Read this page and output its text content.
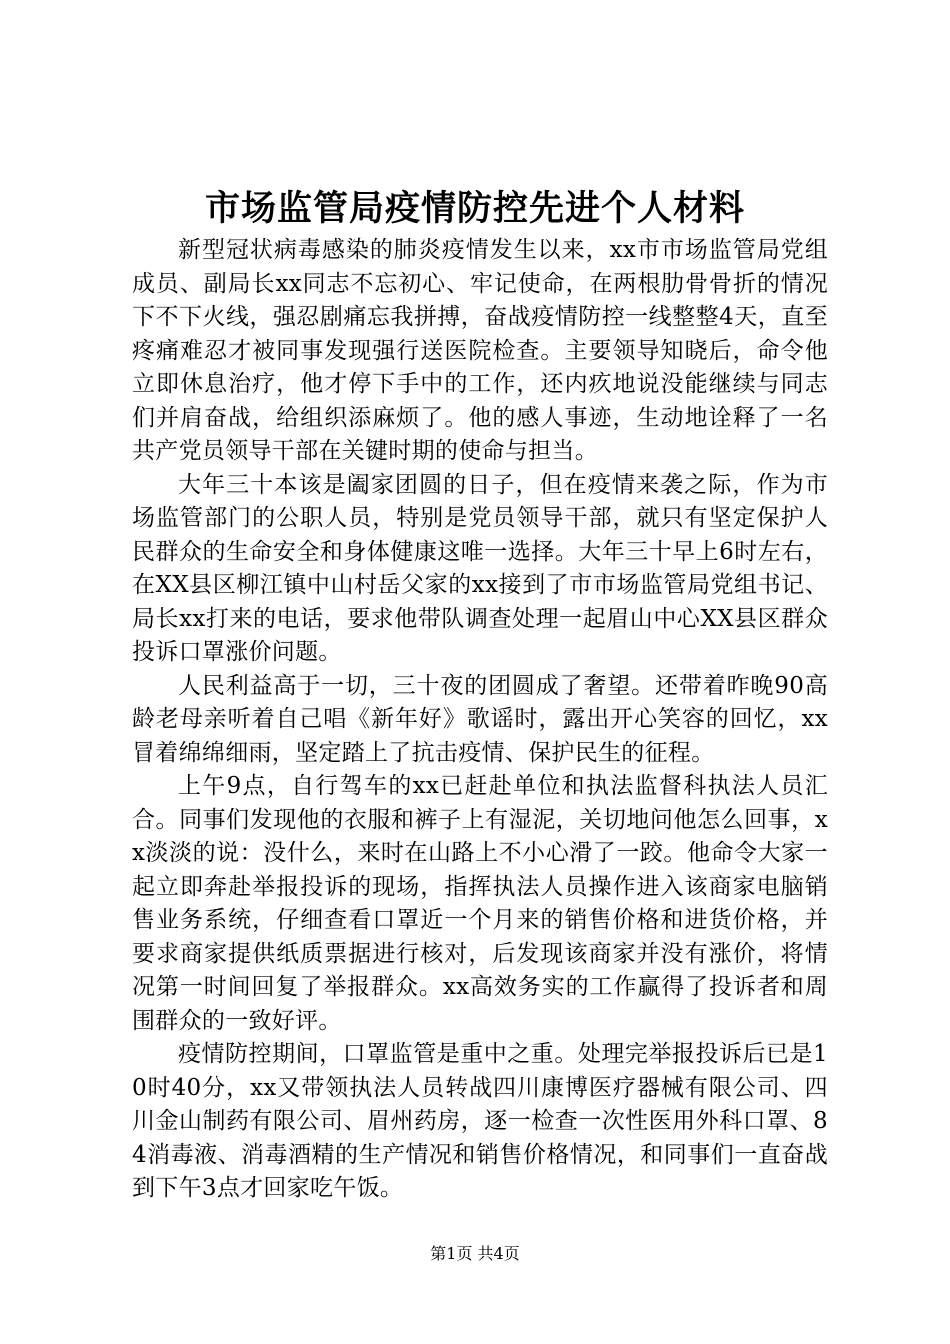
市场监管局疫情防控先进个人材料

新型冠状病毒感染的肺炎疫情发生以来，xx市市场监管局党组成员、副局长xx同志不忘初心、牢记使命，在两根肋骨骨折的情况下不下火线，强忍剧痛忘我拼搏，奋战疫情防控一线整整4天，直至疼痛难忍才被同事发现强行送医院检查。主要领导知晓后，命令他立即休息治疗，他才停下手中的工作，还内疚地说没能继续与同志们并肩奋战，给组织添麻烦了。他的感人事迹，生动地诠释了一名共产党员领导干部在关键时期的使命与担当。

大年三十本该是阖家团圆的日子，但在疫情来袭之际，作为市场监管部门的公职人员，特别是党员领导干部，就只有坚定保护人民群众的生命安全和身体健康这唯一选择。大年三十早上6时左右，在XX县区柳江镇中山村岳父家的xx接到了市市场监管局党组书记、局长xx打来的电话，要求他带队调查处理一起眉山中心XX县区群众投诉口罩涨价问题。

人民利益高于一切，三十夜的团圆成了奢望。还带着昨晚90高龄老母亲听着自己唱《新年好》歌谣时，露出开心笑容的回忆，xx冒着绵绵细雨，坚定踏上了抗击疫情、保护民生的征程。

上午9点，自行驾车的xx已赶赴单位和执法监督科执法人员汇合。同事们发现他的衣服和裤子上有湿泥，关切地问他怎么回事，xx淡淡的说：没什么，来时在山路上不小心滑了一跤。他命令大家一起立即奔赴举报投诉的现场，指挥执法人员操作进入该商家电脑销售业务系统，仔细查看口罩近一个月来的销售价格和进货价格，并要求商家提供纸质票据进行核对，后发现该商家并没有涨价，将情况第一时间回复了举报群众。xx高效务实的工作赢得了投诉者和周围群众的一致好评。

疫情防控期间，口罩监管是重中之重。处理完举报投诉后已是10时40分，xx又带领执法人员转战四川康博医疗器械有限公司、四川金山制药有限公司、眉州药房，逐一检查一次性医用外科口罩、84消毒液、消毒酒精的生产情况和销售价格情况，和同事们一直奋战到下午3点才回家吃午饭。

第1页 共4页
